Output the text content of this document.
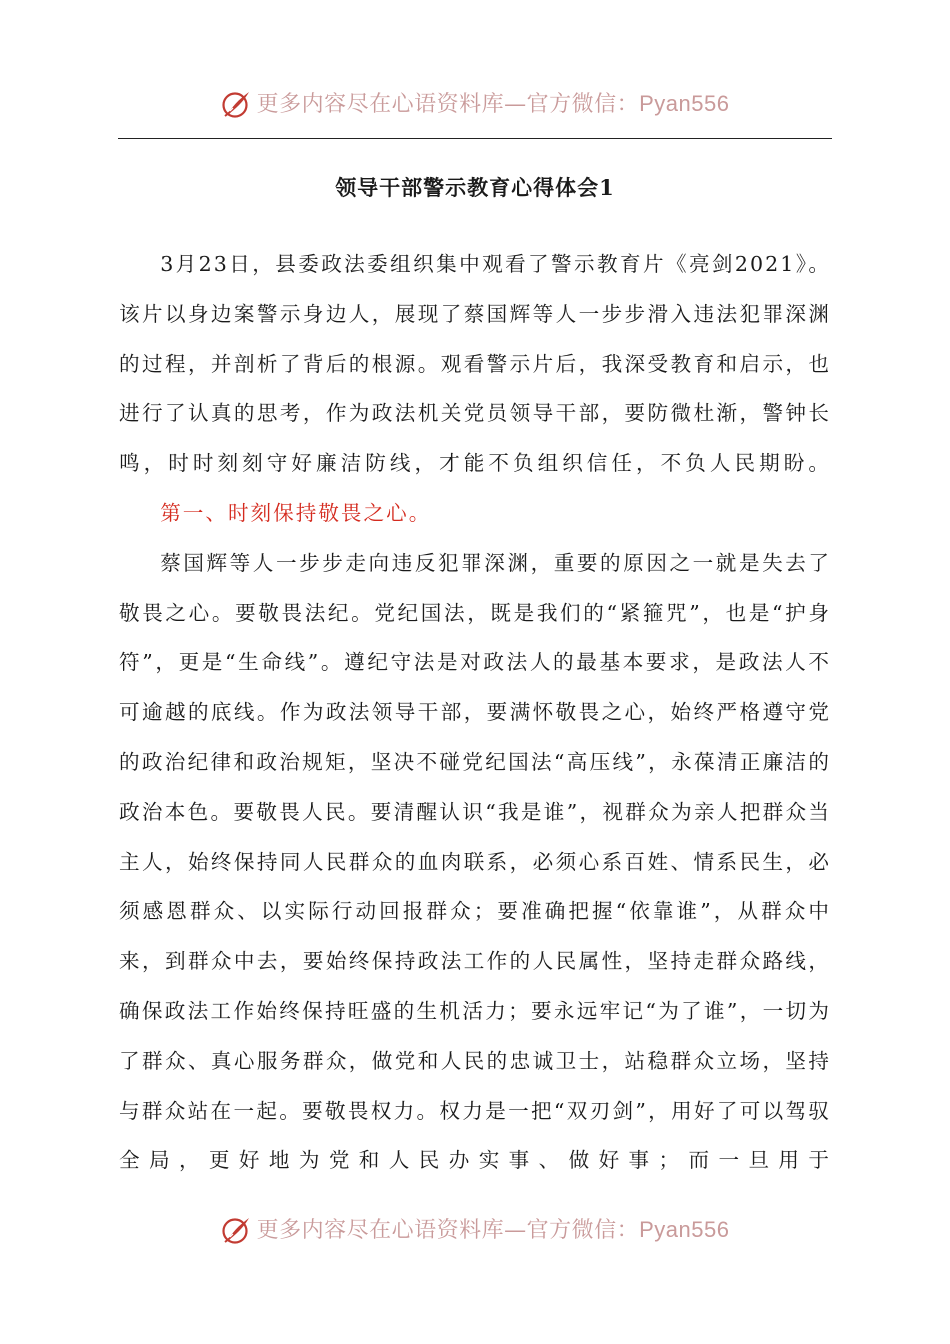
更多内容尽在心语资料库—官方微信：Pyan556
领导干部警示教育心得体会1

3月23日，县委政法委组织集中观看了警示教育片《亮剑2021》。该片以身边案警示身边人，展现了蔡国辉等人一步步滑入违法犯罪深渊的过程，并剖析了背后的根源。观看警示片后，我深受教育和启示，也进行了认真的思考，作为政法机关党员领导干部，要防微杜渐，警钟长鸣，时时刻刻守好廉洁防线，才能不负组织信任，不负人民期盼。

第一、时刻保持敬畏之心。

蔡国辉等人一步步走向违反犯罪深渊，重要的原因之一就是失去了敬畏之心。要敬畏法纪。党纪国法，既是我们的“紧箍咒”，也是“护身符”，更是“生命线”。遵纪守法是对政法人的最基本要求，是政法人不可逾越的底线。作为政法领导干部，要满怀敬畏之心，始终严格遵守党的政治纪律和政治规矩，坚决不碰党纪国法“高压线”，永葆清正廉洁的政治本色。要敬畏人民。要清醒认识“我是谁”，视群众为亲人把群众当主人，始终保持同人民群众的血肉联系，必须心系百姓、情系民生，必须感恩群众、以实际行动回报群众；要准确把握“依靠谁”，从群众中来，到群众中去，要始终保持政法工作的人民属性，坚持走群众路线，确保政法工作始终保持旺盛的生机活力；要永远牢记“为了谁”，一切为了群众、真心服务群众，做党和人民的忠诚卫士，站稳群众立场，坚持与群众站在一起。要敬畏权力。权力是一把“双刃剑”，用好了可以驾驭全局，更好地为党和人民办实事、做好事；而一旦用于

更多内容尽在心语资料库—官方微信：Pyan556
